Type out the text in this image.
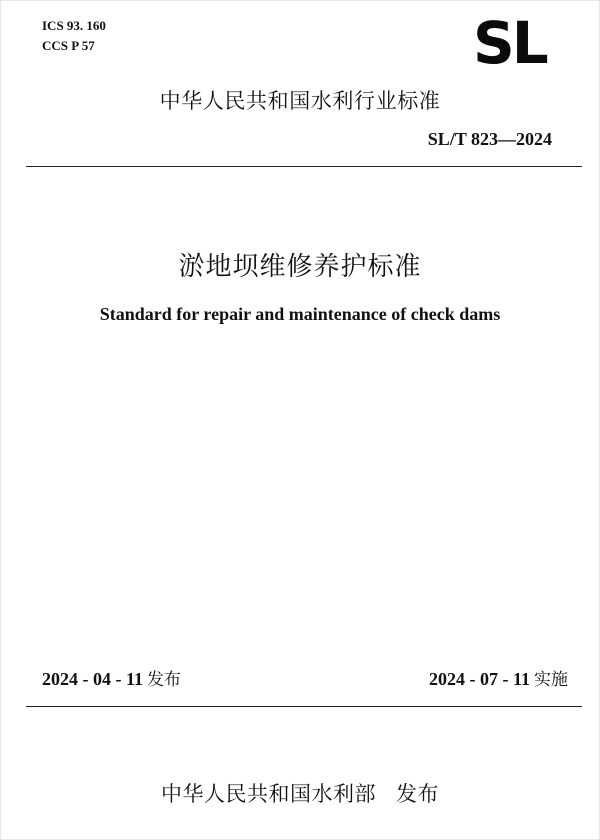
ICS 93. 160
CCS P 57	SL
中华人民共和国水利行业标准
SL/T 823—2024
淤地坝维修养护标准
Standard for repair and maintenance of check dams
2024 - 04 - 11 发布	2024 - 07 - 11 实施
中华人民共和国水利部 发布
